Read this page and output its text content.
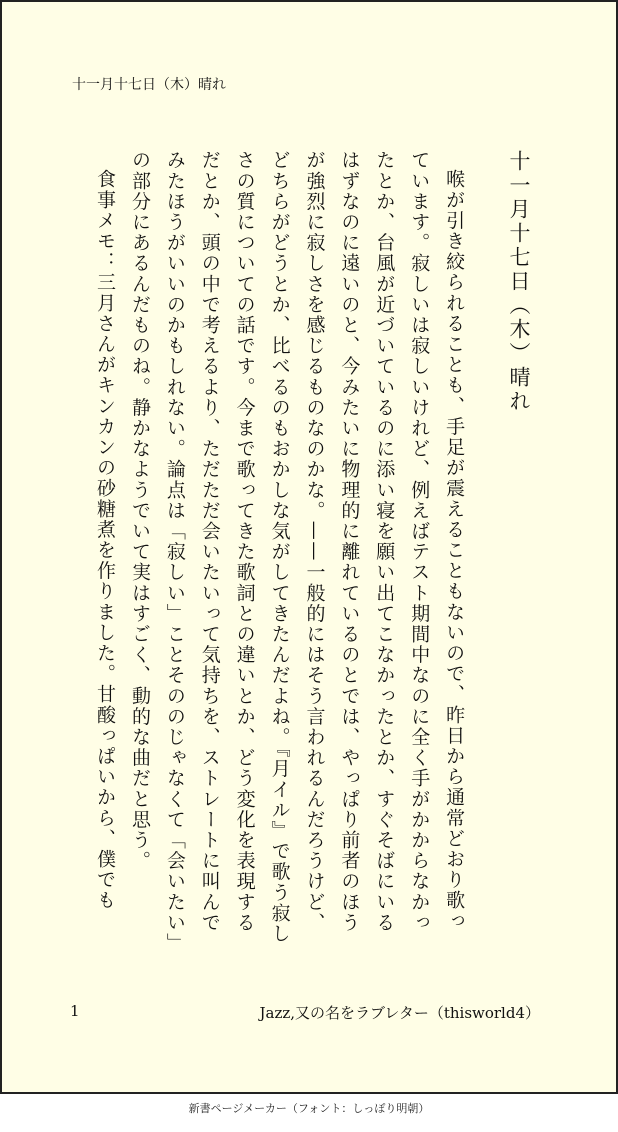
十一月十七日（木）晴れ
十一月十七日（木）晴れ

喉が引き絞られることも、手足が震えることもないので、昨日から通常どおり歌っています。寂しいは寂しいけれど、例えばテスト期間中なのに全く手がかからなかったとか、台風が近づいているのに添い寝を願い出てこなかったとか、すぐそばにいるはずなのに遠いのと、今みたいに物理的に離れているのとでは、やっぱり前者のほうが強烈に寂しさを感じるものなのかな。——一般的にはそう言われるんだろうけど、どちらがどうとか、比べるのもおかしな気がしてきたんだよね。『月イル』で歌う寂しさの質についての話です。今まで歌ってきた歌詞との違いとか、どう変化を表現するだとか、頭の中で考えるより、ただただ会いたいって気持ちを、ストレートに叫んでみたほうがいいのかもしれない。論点は「寂しい」ことそののじゃなくて「会いたい」の部分にあるんだものね。静かなようでいて実はすごく、動的な曲だと思う。

食事メモ：三月さんがキンカンの砂糖煮を作りました。甘酸っぱいから、僕でも

1	Jazz,又の名をラブレター（thisworld4）
新書ページメーカー（フォント：しっぽり明朝）
